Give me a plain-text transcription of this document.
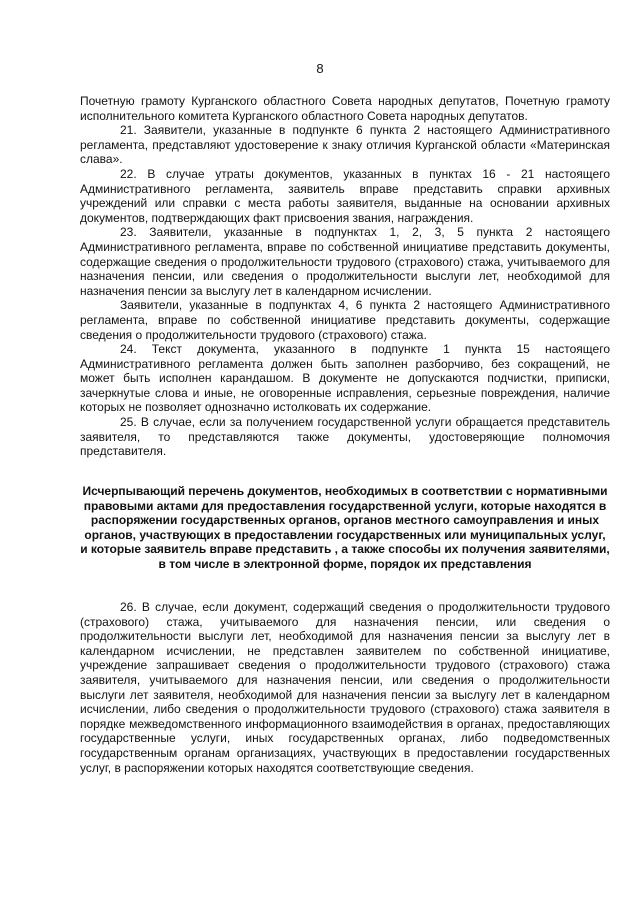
8

Почетную грамоту Курганского областного Совета народных депутатов, Почетную грамоту исполнительного комитета Курганского областного Совета народных депутатов.

21. Заявители, указанные в подпункте 6 пункта 2 настоящего Административного регламента, представляют удостоверение к знаку отличия Курганской области «Материнская слава».

22. В случае утраты документов, указанных в пунктах 16 - 21 настоящего Административного регламента, заявитель вправе представить справки архивных учреждений или справки с места работы заявителя, выданные на основании архивных документов, подтверждающих факт присвоения звания, награждения.

23. Заявители, указанные в подпунктах 1, 2, 3, 5 пункта 2 настоящего Административного регламента, вправе по собственной инициативе представить документы, содержащие сведения о продолжительности трудового (страхового) стажа, учитываемого для назначения пенсии, или сведения о продолжительности выслуги лет, необходимой для назначения пенсии за выслугу лет в календарном исчислении.

Заявители, указанные в подпунктах 4, 6 пункта 2 настоящего Административного регламента, вправе по собственной инициативе представить документы, содержащие сведения о продолжительности трудового (страхового) стажа.

24. Текст документа, указанного в подпункте 1 пункта 15 настоящего Административного регламента должен быть заполнен разборчиво, без сокращений, не может быть исполнен карандашом. В документе не допускаются подчистки, приписки, зачеркнутые слова и иные, не оговоренные исправления, серьезные повреждения, наличие которых не позволяет однозначно истолковать их содержание.

25. В случае, если за получением государственной услуги обращается представитель заявителя, то представляются также документы, удостоверяющие полномочия представителя.

Исчерпывающий перечень документов, необходимых в соответствии с нормативными правовыми актами для предоставления государственной услуги, которые находятся в распоряжении государственных органов, органов местного самоуправления и иных органов, участвующих в предоставлении государственных или муниципальных услуг, и которые заявитель вправе представить , а также способы их получения заявителями, в том числе в электронной форме, порядок их представления

26. В случае, если документ, содержащий сведения о продолжительности трудового (страхового) стажа, учитываемого для назначения пенсии, или сведения о продолжительности выслуги лет, необходимой для назначения пенсии за выслугу лет в календарном исчислении, не представлен заявителем по собственной инициативе, учреждение запрашивает сведения о продолжительности трудового (страхового) стажа заявителя, учитываемого для назначения пенсии, или сведения о продолжительности выслуги лет заявителя, необходимой для назначения пенсии за выслугу лет в календарном исчислении, либо сведения о продолжительности трудового (страхового) стажа заявителя в порядке межведомственного информационного взаимодействия в органах, предоставляющих государственные услуги, иных государственных органах, либо подведомственных государственным органам организациях, участвующих в предоставлении государственных услуг, в распоряжении которых находятся соответствующие сведения.
